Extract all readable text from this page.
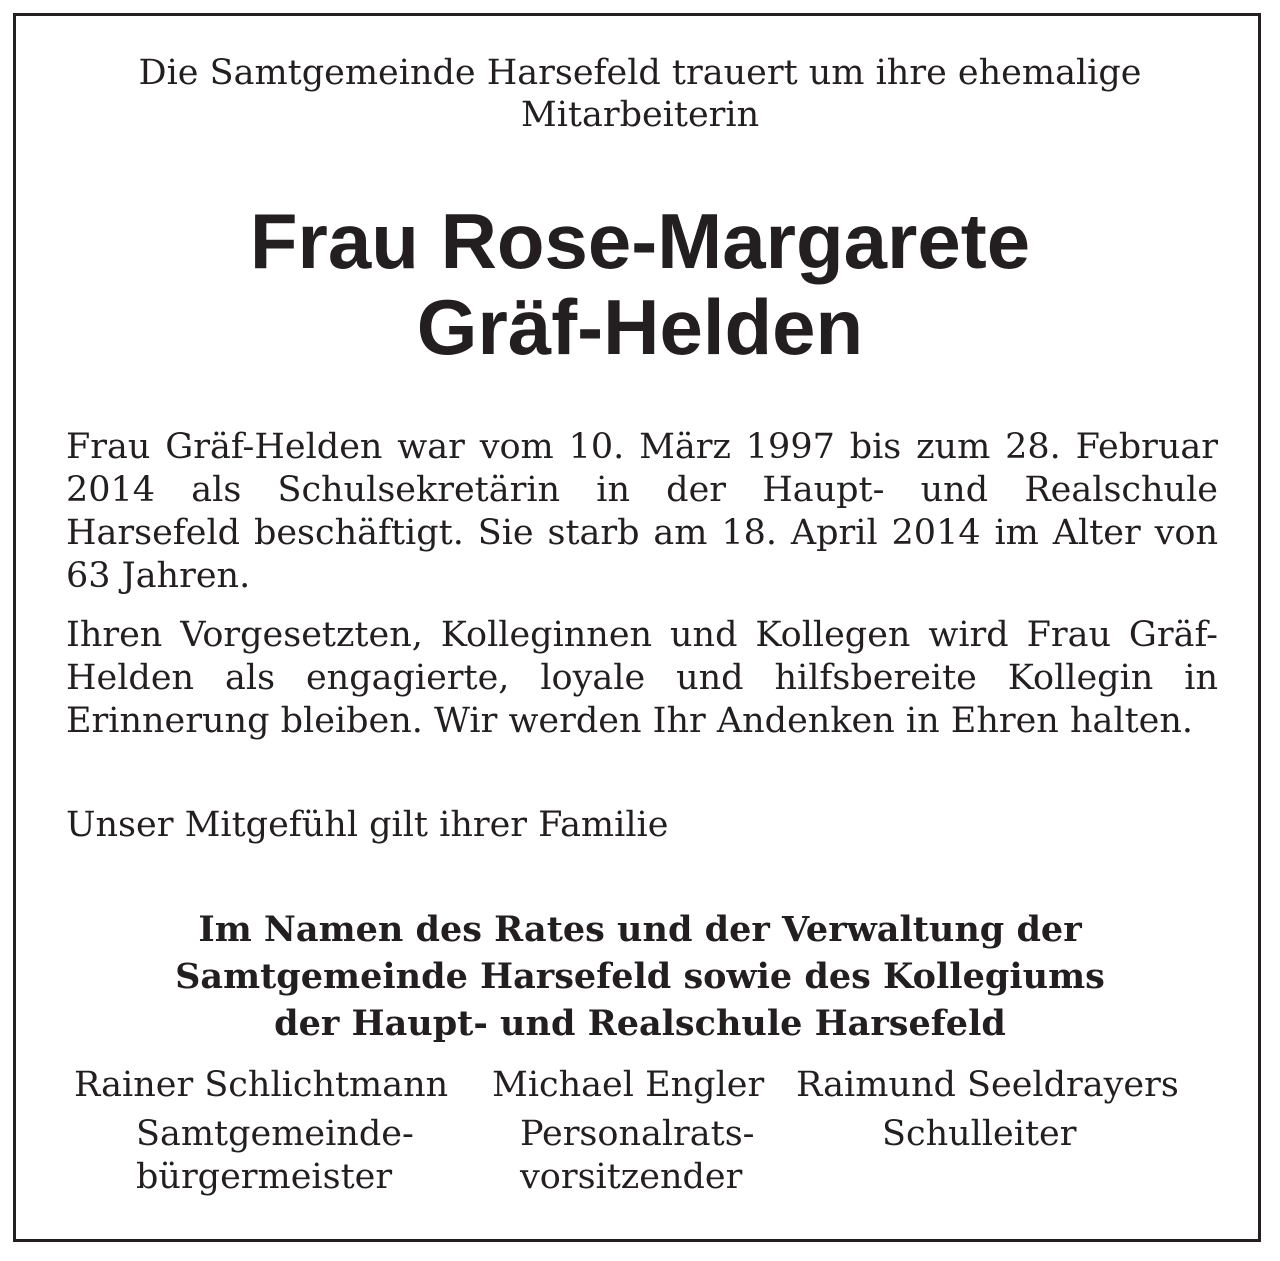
Die Samtgemeinde Harsefeld trauert um ihre ehemalige Mitarbeiterin

Frau Rose-Margarete
Gräf-Helden

Frau Gräf-Helden war vom 10. März 1997 bis zum 28. Februar 2014 als Schulsekretärin in der Haupt- und Realschule Harsefeld beschäftigt. Sie starb am 18. April 2014 im Alter von 63 Jahren.

Ihren Vorgesetzten, Kolleginnen und Kollegen wird Frau Gräf-Helden als engagierte, loyale und hilfsbereite Kollegin in Erinnerung bleiben. Wir werden Ihr Andenken in Ehren halten.

Unser Mitgefühl gilt ihrer Familie

Im Namen des Rates und der Verwaltung der
Samtgemeinde Harsefeld sowie des Kollegiums
der Haupt- und Realschule Harsefeld

Rainer Schlichtmann
Samtgemeinde-
bürgermeister
Michael Engler
Personalrats-
vorsitzender
Raimund Seeldrayers
Schulleiter
